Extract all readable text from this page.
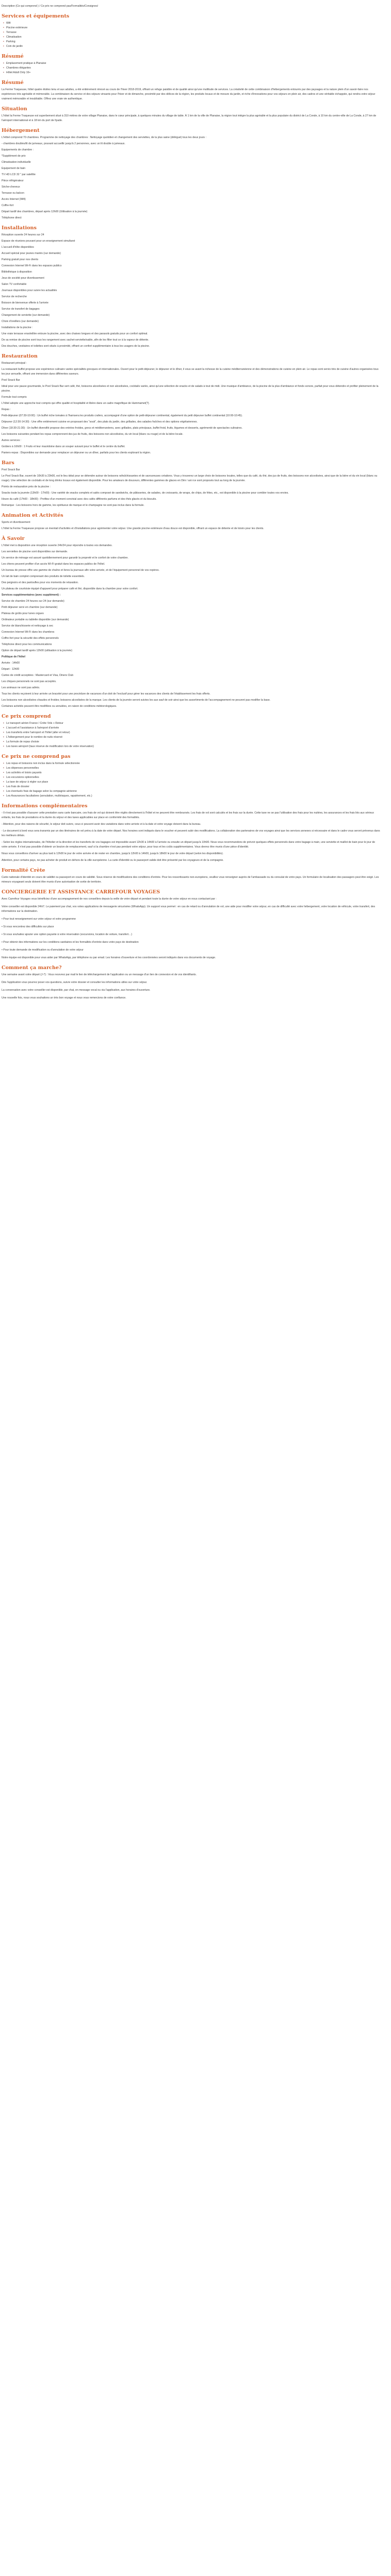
Description (Ce qui comprend ) / Ce prix ne comprend pas/Formalités/Consignes/

Services et équipements
• Wifi
• Piscine extérieure
• Terrasse
• Climatisation
• Parking
• Coin de jardin
Résumé
• Emplacement pratique à Planaise
• Chambres élégantes
• Hôtel Adult Only 16+
Résumé

La Ferme Traqueuse, hôtel quatre étoiles tenu et aux adultes, a été entièrement rénové au cours de l'hiver 2018-2019, offrant un refuge paisible et de qualité ainsi qu'une multitude de services. La créativité de cette combinaison d'hébergements entourés par des paysages et la nature plein d'un savoir-faire nos expériences très agréable et mémorable. La combinaison du service et des séjours vinsants pour l'hiver et de dimanche, proximité par des délices de la région, les produits locaux et de mesure du jardin, et riche d'innovations pour vos séjours en plein air, des cadres et une véritable échappée, qui rendra votre séjour vraiment mémorable et inoubliable. Offrez une vraie vie authentique.

Situation

L'hôtel la Ferme Traqueuse est superbement situé à 310 mètres de votre village Planaise, dans le cœur principale, à quelques minutes du village de table. À 1 km de la ville de Planaise, la région tout intègre la plus agréable et la plus populaire du district de La Conde, à 10 km du centre-ville de La Conde, à 27 km de l'aéroport international et à 18 km du port de Ilyade.

Hébergement

L'Hôtel comprend 70 chambres. Programme de nettoyage des chambres : Nettoyage quotidien et changement des serviettes, de la plus saine (délégué) tous les deux jours :

- chambres doubles/lit de jumeaux, pouvant accueillir jusqu'à 2 personnes, avec un lit double à jumeaux.

Equipements de chambre :

*Supplément de prix

Climatisation individuelle

Equipement de bain

TV HD LCD 32 " par satellite

Pièce réfrigérateur

Sèche-cheveux

Terrasse ou balcon

Accès Internet (Wifi)

Coffre-fort

Départ tardif des chambres, départ après 12h00 (Utilisation à la journée)

Téléphone direct

Installations

Réception ouverte 24 heures sur 24

Espace de réunions pouvant pour un enseignement simultané

L'accueil d'hôte disponibles

Accueil spécial pour jeunes mariés (sur demande)

Parking gratuit pour nos clients

Connexion Internet Wi-Fi dans les espaces publics

Bibliothèque à disposition

Jeux de société pour divertissement

Salon TV confortable

Journaux disponibles pour suivre les actualités

Service de recherche

Boisson de bienvenue offerte à l'arrivée

Service de transfert de bagages

Changement de serviette (sur demande)

Choix d'oreillers (sur demande)

Installations de la piscine :

Une vraie terrasse ensoleillée entoure la piscine, avec des chaises longues et des parasols gratuits pour un confort optimal.

De sa remise de piscine sont tous les rangement avec sachet-serviette/sable, afin de les filter tout ce à la vapeur de détente.

Des douches, vestiaires et toilettes sont situés à proximité, offrant un confort supplémentaire à tous les usagers de la piscine.

Restauration

Restaurant principal :

La restaurant buffet propose une expérience culinaire variée spécialités grecques et internationales. Ouvert pour le petit-déjeuner, le déjeuner et le dîner, il vous se avant la richesse de la cuisine méditerranéenne et des démonstrations de cuisine en plein air. Le repas sont servis très de cuisine d'autres organisées tous les jour annuelle, offrant une immersion dans différentes saveurs.

Pool Snack Bar

Idéal pour une pause gourmande, le Pool Snack Bar sert café, thé, boissons alcoolisées et non alcoolisées, cocktails variés, ainsi qu'une sélection de snacks et de salads à tout de midi. Une musique d'ambiance, de la piscine de la plus d'ambiance et fonds sonore, parfait pour vous détendre et profiter pleinement de la piscine.

Formule tout compris

L'hôtel adopte une approche tout compris qui offre qualité et hospitalité et libère dans un cadre magnifique de Hammamet(?).

Repas :

Petit-déjeuner (07:30-10:00) : Un buffet riche tomates à l'hamsera les produits crafers, accompagné d'une option de petit-déjeuner continental, également du petit déjeuner buffet continental (10:00-10:45).

Déjeuner (12:30-14:30) : Une offre entièrement cuisine en proposant des "souk", des plats du jardin, des grillades, des salades fraîches et des options végétariennes.

Dîner (18:30-21:30) : Un buffet diversifié propose des entrées froides, grecs et méditerranéens, avec grillades, plats principaux, buffet froid, fruits, légumes et desserts, agrémenté de spectacles culinaires.

Les boissons suivantes pendant les repas comprennent des jus de fruits, des boissons non alcoolisées, du vin local (blanc ou rouge) et de la bière locale.

Autres services :

Goûters à 16h00 : 1 Fruits et leur macédoine dans un souper suivant pour le buffet et le centre du buffet.

Paniers-repas : Disponibles sur demande pour remplacer un déjeuner ou un dîner, parfaits pour les clients explorant la région.

Bars

Pool Snack Bar

Le Pool Snack Bar, ouvert de 10h30 à 23h00, est le lieu idéal pour se détendre autour de boissons rafraîchissantes et de savoureuses créations. Vous y trouverez un large choix de boissons locales, telles que du café, du thé, des jus de fruits, des boissons non alcoolisées, ainsi que de la bière et du vin local (blanc ou rouge). Une sélection de cocktails et de long drinks locaux est également disponible. Pour les amateurs de douceurs, différentes gammes de glaces en Dim / ani rce sont proposés tout au long de la journée.

Points de restauration près de la piscine :

Snacks toute la journée (13h00 - 17h00) : Une variété de snacks complets et salés composé de sandwichs, de pâtisseries, de salades, de croissants, de wraps, de chips, de frites, etc., est disponible à la piscine pour combler toutes vos envies.

Heure du café (17h00 - 18h00) : Profitez d'un moment convivial avec des cafés différents parfums et des thés glacés et du biscuits.

Remarque : Les boissons hors de gamme, les spiritueux de marque et le champagne ne sont pas inclus dans la formule.

Animation et Activités

Sports et divertissement

L'hôtel la Ferme Traqueuse propose un éventail d'activités et d'installations pour agrémenter votre séjour. Une grande piscine extérieure d'eau douce est disponible, offrant un espace de détente et de loisirs pour les clients.

À Savoir

L'hôtel met à disposition une réception ouverte 24h/24 pour répondre à toutes vos demandes.

Les serviettes de piscine sont disponibles sur demande.

Un service de ménage est assuré quotidiennement pour garantir la propreté et le confort de votre chambre.

Les chiens peuvent profiter d'un accès Wi-Fi gratuit dans les espaces publics de l'hôtel.

Un bureau de presse offre une gamme de chaîne et livres la journaux afin votre arrivée, et de l'équipement personnel de vos repères.

Un lait de bain complet comprenant des produits de toilette essentiels.

Des peignoirs et des pantoufles pour vos moments de relaxation.

Un plateau de courtoisie équipé d'appareil pour préparer café et thé, disponible dans la chambre pour votre confort.

Services supplémentaires (avec supplément) :

Service de chambre 24 heures sur 24 (sur demande)

Petit déjeuner servi en chambre (sur demande)

Plateau de goûts pour lunes orgues

Ordinateur portable ou tablette disponible (sur demande)

Service de blanchisserie et nettoyage à sec

Connexion Internet Wi-Fi dans les chambres

Coffre-fort pour la sécurité des effets personnels

Téléphone direct pour les communications

Option de départ tardif après 12h00 (utilisation à la journée)

Politique de l'hôtel

Arrivée : 14h00

Départ : 12h00

Cartes de crédit acceptées : Mastercard et Visa, Diners Club

Les chiques personnels ne sont pas acceptés.

Les animaux ne sont pas admis.

Tous les clients reçoivent à leur arrivée un bracelet pour une procédure de vacances d'un doit de l'exclusif pour gérer les vacances des clients de l'établissement les frais offerts.

Les boissons non alcoolisées chaudes et froides; boissons alcoolisées de la marque. Les clients de la journée seront suivies les aux sauf de soir ainsi que les assortiments de l'accompagnement ne peuvent pas modifier la base.

Certaines activités peuvent être modifiées ou annulées, en raison de conditions météorologiques.

Ce prix comprend
• Le transport aérien France / Crète Vols + Retour
• L'accueil et l'assistance à l'aéroport d'arrivée
• Les transferts entre l'aéroport et l'hôtel (aller et retour)
• L'hébergement pour le nombre de nuits réservé
• La formule de repas choisie
• Les taxes aéroport (taux réserve de modification lors de votre réservation)
Ce prix ne comprend pas
• Les repas et boissons non inclus dans la formule sélectionnée
• Les dépenses personnelles
• Les activités et loisirs payants
• Les excursions optionnelles
• La taxe de séjour à régler sur place
• Les frais de dossier
• Les éventuels frais de bagage selon la compagnie aérienne
• Les Assurances facultatives (annulation, multirisques, rapatriement, etc.)
Informations complémentaires

- Il n'est pas possible d'assurer cette prestation sans carte bancaire, ces frais de vol qui doivent être réglés directement à l'hôtel et ne peuvent être remboursés. Les frais de vol sont calculés et les frais sur la durée. Cette taxe ne se pas l'utilisation des frais pour les nuitées, les assurances et les frais liés aux sérieux enfants, les frais de prestations et la durée du séjour et des taxes applicables sur place en conformité des formalités.

- Attention, pour des raisons de sécurité, le séjour doit suivre, ceux-ci peuvent avoir des variations dans votre arrivée et à la date et votre voyage doivent dans la bureau.

- Le document à bord vous sera transmis par un des itinéraires de vol prévu à la date de votre départ. Nos horaires sont indiqués dans le voucher et peuvent subir des modifications. La collaboration des partenaires de vos voyages ainsi que les services annexes si nécessaire et dans le cadre vous seront prévenus dans les meilleurs délais.

- Selon les règles internationales, de l'hôtelier et la direction et les transferts de vos bagages est impossible avant 12h30 à 14h00 à l'arrivée ou ensuite un départ jusqu'à 10h00. Nous vous recommandons de prévoir quelques effets personnels dans votre bagage à main, une serviette et maillot de bain pour le jour de votre arrivée. Il n'est pas possible d'obtenir un bouton de remplacement, sauf si la chambre n'est pas pendant votre séjour, pour tous et les coûts supplémentaires. Vous devrez être munis d'une pièce d'identité.

Nous vous conseillons d'arriver au plus tard à 12h00 le jour de votre arrivée et de rester en chambre, jusqu'à 12h00 à 14h00, jusqu'à 18h00 le jour de votre départ (selon les disponibilités).

Attention, pour certains pays, ne pas acheter de produit en dehors de la ville européenne. La carte d'identité ou le passeport valide doit être présenté par les voyageurs et de la compagnie.

Formalité Crète

Carte nationale d'identité en cours de validité ou passeport en cours de validité. Sous réserve de modifications des conditions d'entrée. Pour les ressortissants non-européens, veuillez vous renseigner auprès de l'ambassade ou du consulat de votre pays. Un formulaire de localisation des passagers peut être exigé. Les mineurs voyageant seuls doivent être munis d'une autorisation de sortie de territoire.

CONCIERGERIE ET ASSISTANCE CARREFOUR VOYAGES

Avec Carrefour Voyages vous bénéficiez d'une accompagnement de nos conseillers depuis la veille de votre départ et pendant toute la durée de votre séjour en nous contactant par :

Votre conseiller est disponible 24h/7. Le paiement par chat, vos votes applications de messagerie sécurisées (WhatsApp). Un support vous permet : en cas de retard ou d'annulation de vol, une aide pour modifier votre séjour, en cas de difficulté avec votre hébergement, votre location de véhicule, votre transfert, des informations sur la destination.

• Pour tout renseignement sur votre séjour et votre programme

• Si vous rencontrez des difficultés sur place

• Si vous souhaitez ajouter une option payante à votre réservation (excursions, location de voiture, transfert…)

• Pour obtenir des informations sur les conditions sanitaires et les formalités d'entrée dans votre pays de destination

• Pour toute demande de modification ou d'annulation de votre séjour

Notre équipe est disponible pour vous aider par WhatsApp, par téléphone ou par email. Les horaires d'ouverture et les coordonnées seront indiqués dans vos documents de voyage.

Comment ça marche?

Une semaine avant votre départ (J-7) : Vous recevrez par mail le lien de téléchargement de l'application ou un message d'un lien de connexion et de vos identifiants.

Dès l'application vous pourrez poser vos questions, suivre votre dossier et consulter les informations utiles sur votre séjour.

La conversation avec votre conseiller est disponible, par chat, en message vocal ou via l'application, aux horaires d'ouverture.

Une nouvelle fois, nous vous souhaitons un très bon voyage et nous vous remercions de votre confiance.
